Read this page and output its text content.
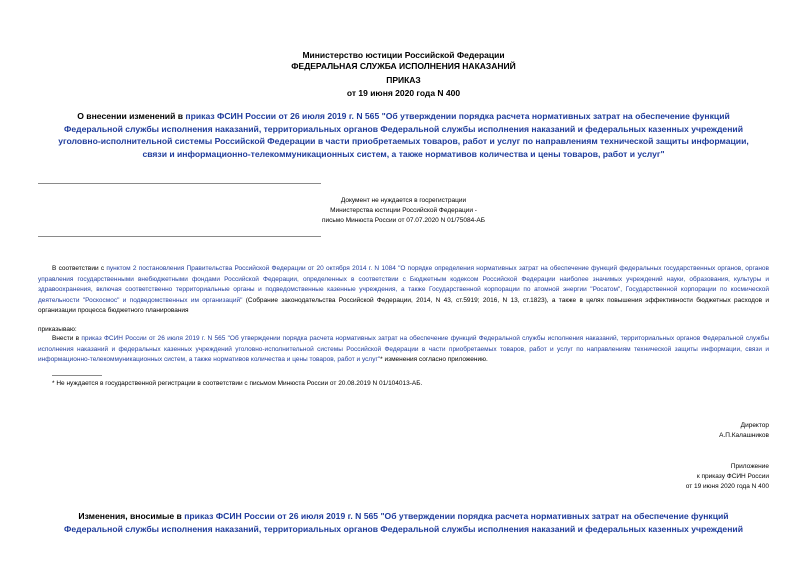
Министерство юстиции Российской Федерации
ФЕДЕРАЛЬНАЯ СЛУЖБА ИСПОЛНЕНИЯ НАКАЗАНИЙ
ПРИКАЗ
от 19 июня 2020 года N 400
О внесении изменений в приказ ФСИН России от 26 июля 2019 г. N 565 "Об утверждении порядка расчета нормативных затрат на обеспечение функций Федеральной службы исполнения наказаний, территориальных органов Федеральной службы исполнения наказаний и федеральных казенных учреждений уголовно-исполнительной системы Российской Федерации в части приобретаемых товаров, работ и услуг по направлениям технической защиты информации, связи и информационно-телекоммуникационных систем, а также нормативов количества и цены товаров, работ и услуг"
Документ не нуждается в госрегистрации
Министерства юстиции Российской Федерации -
письмо Минюста России от 07.07.2020 N 01/75084-АБ
В соответствии с пунктом 2 постановления Правительства Российской Федерации от 20 октября 2014 г. N 1084 "О порядке определения нормативных затрат на обеспечение функций федеральных государственных органов, органов управления государственными внебюджетными фондами Российской Федерации, определенных в соответствии с Бюджетным кодексом Российской Федерации наиболее значимых учреждений науки, образования, культуры и здравоохранения, включая соответственно территориальные органы и подведомственные казенные учреждения, а также Государственной корпорации по атомной энергии "Росатом", Государственной корпорации по космической деятельности "Роскосмос" и подведомственных им организаций" (Собрание законодательства Российской Федерации, 2014, N 43, ст.5919; 2016, N 13, ст.1823), а также в целях повышения эффективности бюджетных расходов и организации процесса бюджетного планирования
приказываю:
Внести в приказ ФСИН России от 26 июля 2019 г. N 565 "Об утверждении порядка расчета нормативных затрат на обеспечение функций Федеральной службы исполнения наказаний, территориальных органов Федеральной службы исполнения наказаний и федеральных казенных учреждений уголовно-исполнительной системы Российской Федерации в части приобретаемых товаров, работ и услуг по направлениям технической защиты информации, связи и информационно-телекоммуникационных систем, а также нормативов количества и цены товаров, работ и услуг"* изменения согласно приложению.
* Не нуждается в государственной регистрации в соответствии с письмом Минюста России от 20.08.2019 N 01/104013-АБ.
Директор
А.П.Калашников
Приложение
к приказу ФСИН России
от 19 июня 2020 года N 400
Изменения, вносимые в приказ ФСИН России от 26 июля 2019 г. N 565 "Об утверждении порядка расчета нормативных затрат на обеспечение функций Федеральной службы исполнения наказаний, территориальных органов Федеральной службы исполнения наказаний и федеральных казенных учреждений
